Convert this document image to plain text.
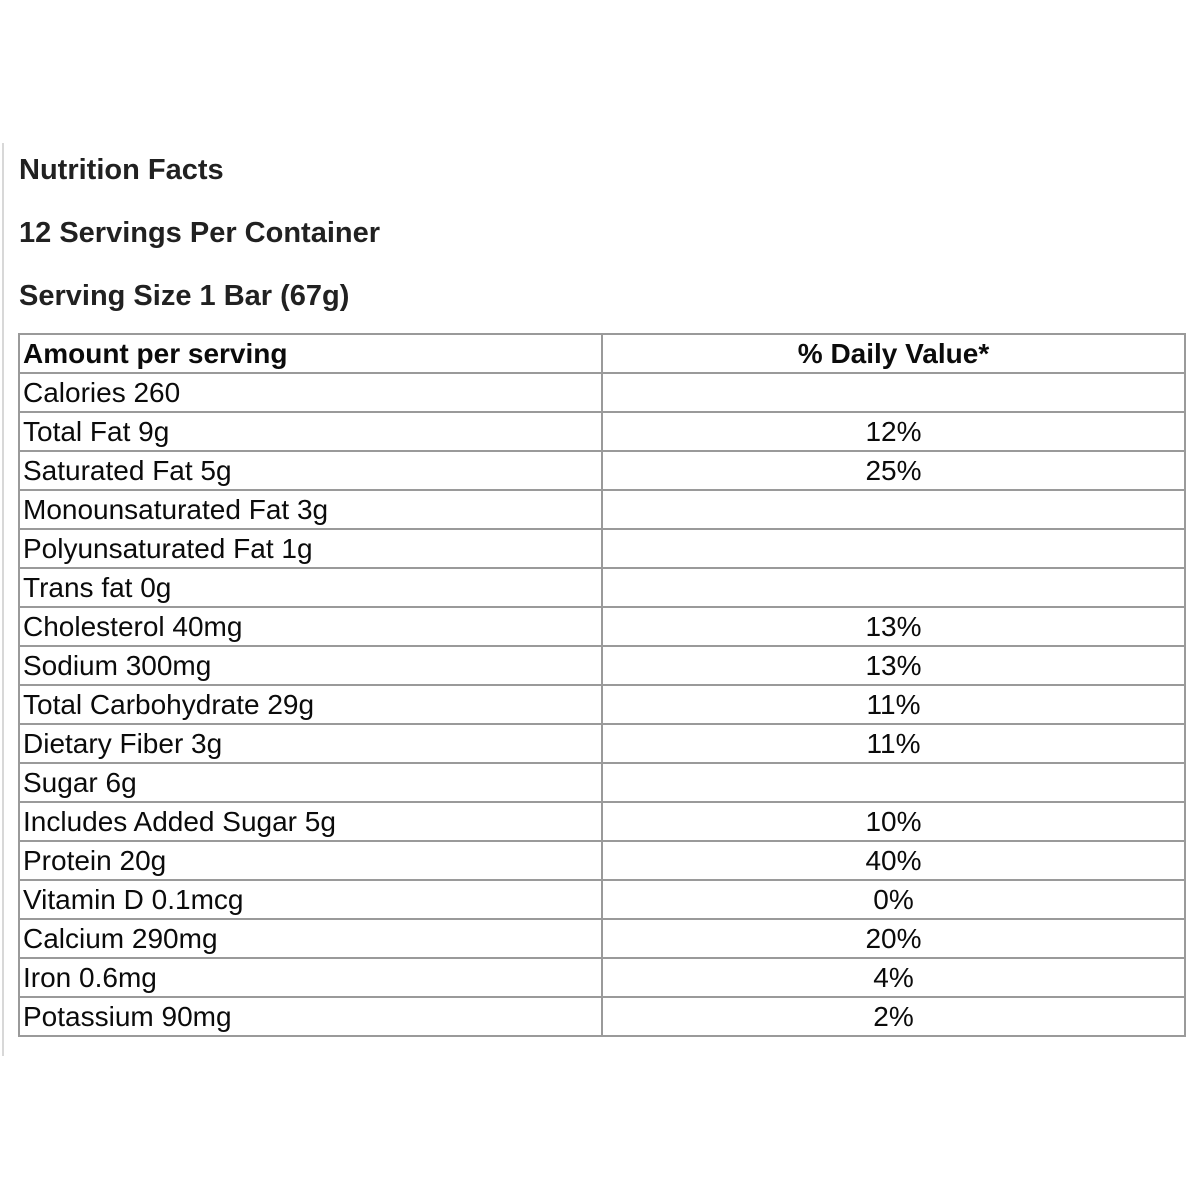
Nutrition Facts
12 Servings Per Container
Serving Size 1 Bar (67g)
Amount per serving	% Daily Value*
Calories 260	
Total Fat 9g	12%
Saturated Fat 5g	25%
Monounsaturated Fat 3g	
Polyunsaturated Fat 1g	
Trans fat 0g	
Cholesterol 40mg	13%
Sodium 300mg	13%
Total Carbohydrate 29g	11%
Dietary Fiber 3g	11%
Sugar 6g	
Includes Added Sugar 5g	10%
Protein 20g	40%
Vitamin D 0.1mcg	0%
Calcium 290mg	20%
Iron 0.6mg	4%
Potassium 90mg	2%
